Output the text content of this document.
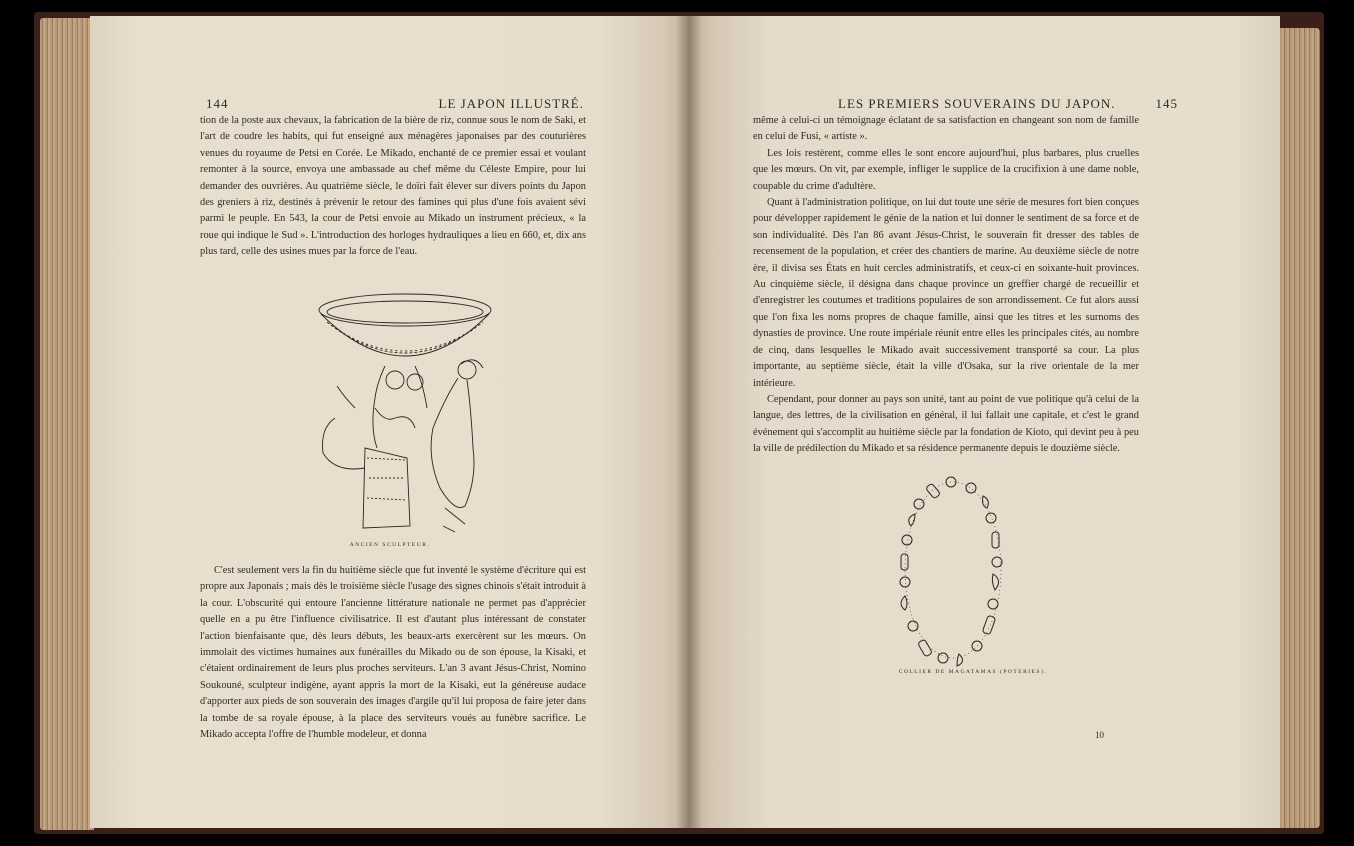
144	LE JAPON ILLUSTRÉ.

tion de la poste aux chevaux, la fabrication de la bière de riz, connue sous le nom de Saki, et l'art de coudre les habits, qui fut enseigné aux ménagères japonaises par des couturières venues du royaume de Petsi en Corée. Le Mikado, enchanté de ce premier essai et voulant remonter à la source, envoya une ambassade au chef même du Céleste Empire, pour lui demander des ouvrières. Au quatrième siècle, le doïri fait élever sur divers points du Japon des greniers à riz, destinés à prévenir le retour des famines qui plus d'une fois avaient sévi parmi le peuple. En 543, la cour de Petsi envoie au Mikado un instrument précieux, « la roue qui indique le Sud ». L'introduction des horloges hydrauliques a lieu en 660, et, dix ans plus tard, celle des usines mues par la force de l'eau.

ANCIEN SCULPTEUR.

C'est seulement vers la fin du huitième siècle que fut inventé le système d'écriture qui est propre aux Japonais ; mais dès le troisième siècle l'usage des signes chinois s'était introduit à la cour. L'obscurité qui entoure l'ancienne littérature nationale ne permet pas d'apprécier quelle en a pu être l'influence civilisatrice. Il est d'autant plus intéressant de constater l'action bienfaisante que, dès leurs débuts, les beaux-arts exercèrent sur les mœurs. On immolait des victimes humaines aux funérailles du Mikado ou de son épouse, la Kisaki, et c'étaient ordinairement de leurs plus proches serviteurs. L'an 3 avant Jésus-Christ, Nomino Soukouné, sculpteur indigène, ayant appris la mort de la Kisaki, eut la généreuse audace d'apporter aux pieds de son souverain des images d'argile qu'il lui proposa de faire jeter dans la tombe de sa royale épouse, à la place des serviteurs voués au funèbre sacrifice. Le Mikado accepta l'offre de l'humble modeleur, et donna

LES PREMIERS SOUVERAINS DU JAPON.	145

même à celui-ci un témoignage éclatant de sa satisfaction en changeant son nom de famille en celui de Fusi, « artiste ».

Les lois restèrent, comme elles le sont encore aujourd'hui, plus barbares, plus cruelles que les mœurs. On vit, par exemple, infliger le supplice de la crucifixion à une dame noble, coupable du crime d'adultère.

Quant à l'administration politique, on lui dut toute une série de mesures fort bien conçues pour développer rapidement le génie de la nation et lui donner le sentiment de sa force et de son individualité. Dès l'an 86 avant Jésus-Christ, le souverain fit dresser des tables de recensement de la population, et créer des chantiers de marine. Au deuxième siècle de notre ère, il divisa ses États en huit cercles administratifs, et ceux-ci en soixante-huit provinces. Au cinquième siècle, il désigna dans chaque province un greffier chargé de recueillir et d'enregistrer les coutumes et traditions populaires de son arrondissement. Ce fut alors aussi que l'on fixa les noms propres de chaque famille, ainsi que les titres et les surnoms des dynasties de province. Une route impériale réunit entre elles les principales cités, au nombre de cinq, dans lesquelles le Mikado avait successivement transporté sa cour. La plus importante, au septième siècle, était la ville d'Osaka, sur la rive orientale de la mer intérieure.

Cependant, pour donner au pays son unité, tant au point de vue politique qu'à celui de la langue, des lettres, de la civilisation en général, il lui fallait une capitale, et c'est le grand événement qui s'accomplit au huitième siècle par la fondation de Kioto, qui devint peu à peu la ville de prédilection du Mikado et sa résidence permanente depuis le douzième siècle.

COLLIER DE MAGATAMAS (POTERIES).
10
